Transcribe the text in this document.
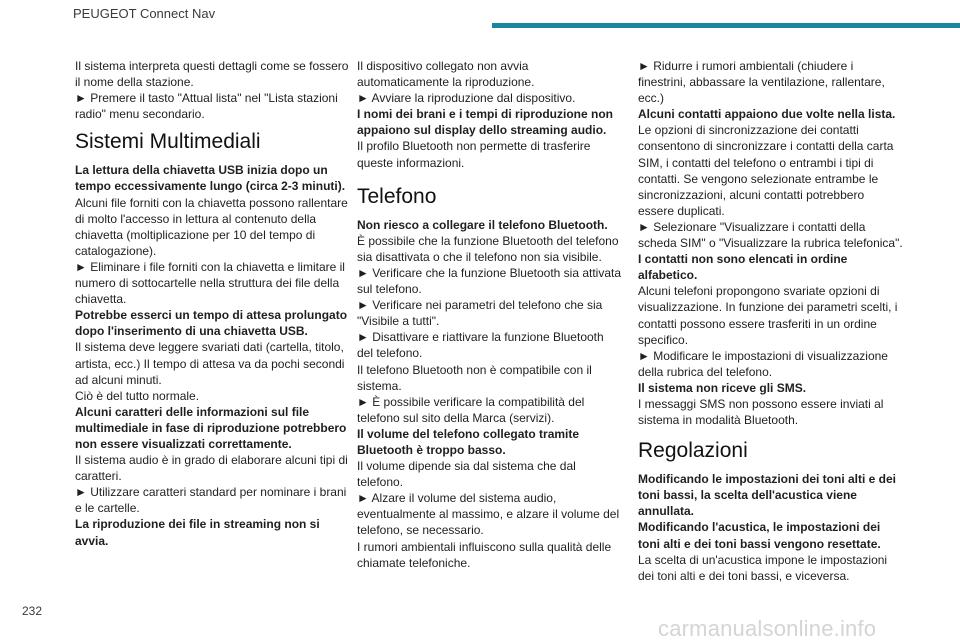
PEUGEOT Connect Nav

Il sistema interpreta questi dettagli come se fossero il nome della stazione.

► Premere il tasto "Attual lista" nel "Lista stazioni radio" menu secondario.

Sistemi Multimediali

La lettura della chiavetta USB inizia dopo un tempo eccessivamente lungo (circa 2-3 minuti).

Alcuni file forniti con la chiavetta possono rallentare di molto l'accesso in lettura al contenuto della chiavetta (moltiplicazione per 10 del tempo di catalogazione).

► Eliminare i file forniti con la chiavetta e limitare il numero di sottocartelle nella struttura dei file della chiavetta.

Potrebbe esserci un tempo di attesa prolungato dopo l'inserimento di una chiavetta USB.

Il sistema deve leggere svariati dati (cartella, titolo, artista, ecc.) Il tempo di attesa va da pochi secondi ad alcuni minuti.

Ciò è del tutto normale.

Alcuni caratteri delle informazioni sul file multimediale in fase di riproduzione potrebbero non essere visualizzati correttamente.

Il sistema audio è in grado di elaborare alcuni tipi di caratteri.

► Utilizzare caratteri standard per nominare i brani e le cartelle.

La riproduzione dei file in streaming non si avvia.

Il dispositivo collegato non avvia automaticamente la riproduzione.

► Avviare la riproduzione dal dispositivo.

I nomi dei brani e i tempi di riproduzione non appaiono sul display dello streaming audio.

Il profilo Bluetooth non permette di trasferire queste informazioni.

Telefono

Non riesco a collegare il telefono Bluetooth.

È possibile che la funzione Bluetooth del telefono sia disattivata o che il telefono non sia visibile.

► Verificare che la funzione Bluetooth sia attivata sul telefono.

► Verificare nei parametri del telefono che sia "Visibile a tutti".

► Disattivare e riattivare la funzione Bluetooth del telefono.

Il telefono Bluetooth non è compatibile con il sistema.

► È possibile verificare la compatibilità del telefono sul sito della Marca (servizi).

Il volume del telefono collegato tramite Bluetooth è troppo basso.

Il volume dipende sia dal sistema che dal telefono.

► Alzare il volume del sistema audio, eventualmente al massimo, e alzare il volume del telefono, se necessario.

I rumori ambientali influiscono sulla qualità delle chiamate telefoniche.

► Ridurre i rumori ambientali (chiudere i finestrini, abbassare la ventilazione, rallentare, ecc.)

Alcuni contatti appaiono due volte nella lista.

Le opzioni di sincronizzazione dei contatti consentono di sincronizzare i contatti della carta SIM, i contatti del telefono o entrambi i tipi di contatti. Se vengono selezionate entrambe le sincronizzazioni, alcuni contatti potrebbero essere duplicati.

► Selezionare "Visualizzare i contatti della scheda SIM" o "Visualizzare la rubrica telefonica".

I contatti non sono elencati in ordine alfabetico.

Alcuni telefoni propongono svariate opzioni di visualizzazione. In funzione dei parametri scelti, i contatti possono essere trasferiti in un ordine specifico.

► Modificare le impostazioni di visualizzazione della rubrica del telefono.

Il sistema non riceve gli SMS.

I messaggi SMS non possono essere inviati al sistema in modalità Bluetooth.

Regolazioni

Modificando le impostazioni dei toni alti e dei toni bassi, la scelta dell'acustica viene annullata.

Modificando l'acustica, le impostazioni dei toni alti e dei toni bassi vengono resettate.

La scelta di un'acustica impone le impostazioni dei toni alti e dei toni bassi, e viceversa.

232
carmanualsonline.info
